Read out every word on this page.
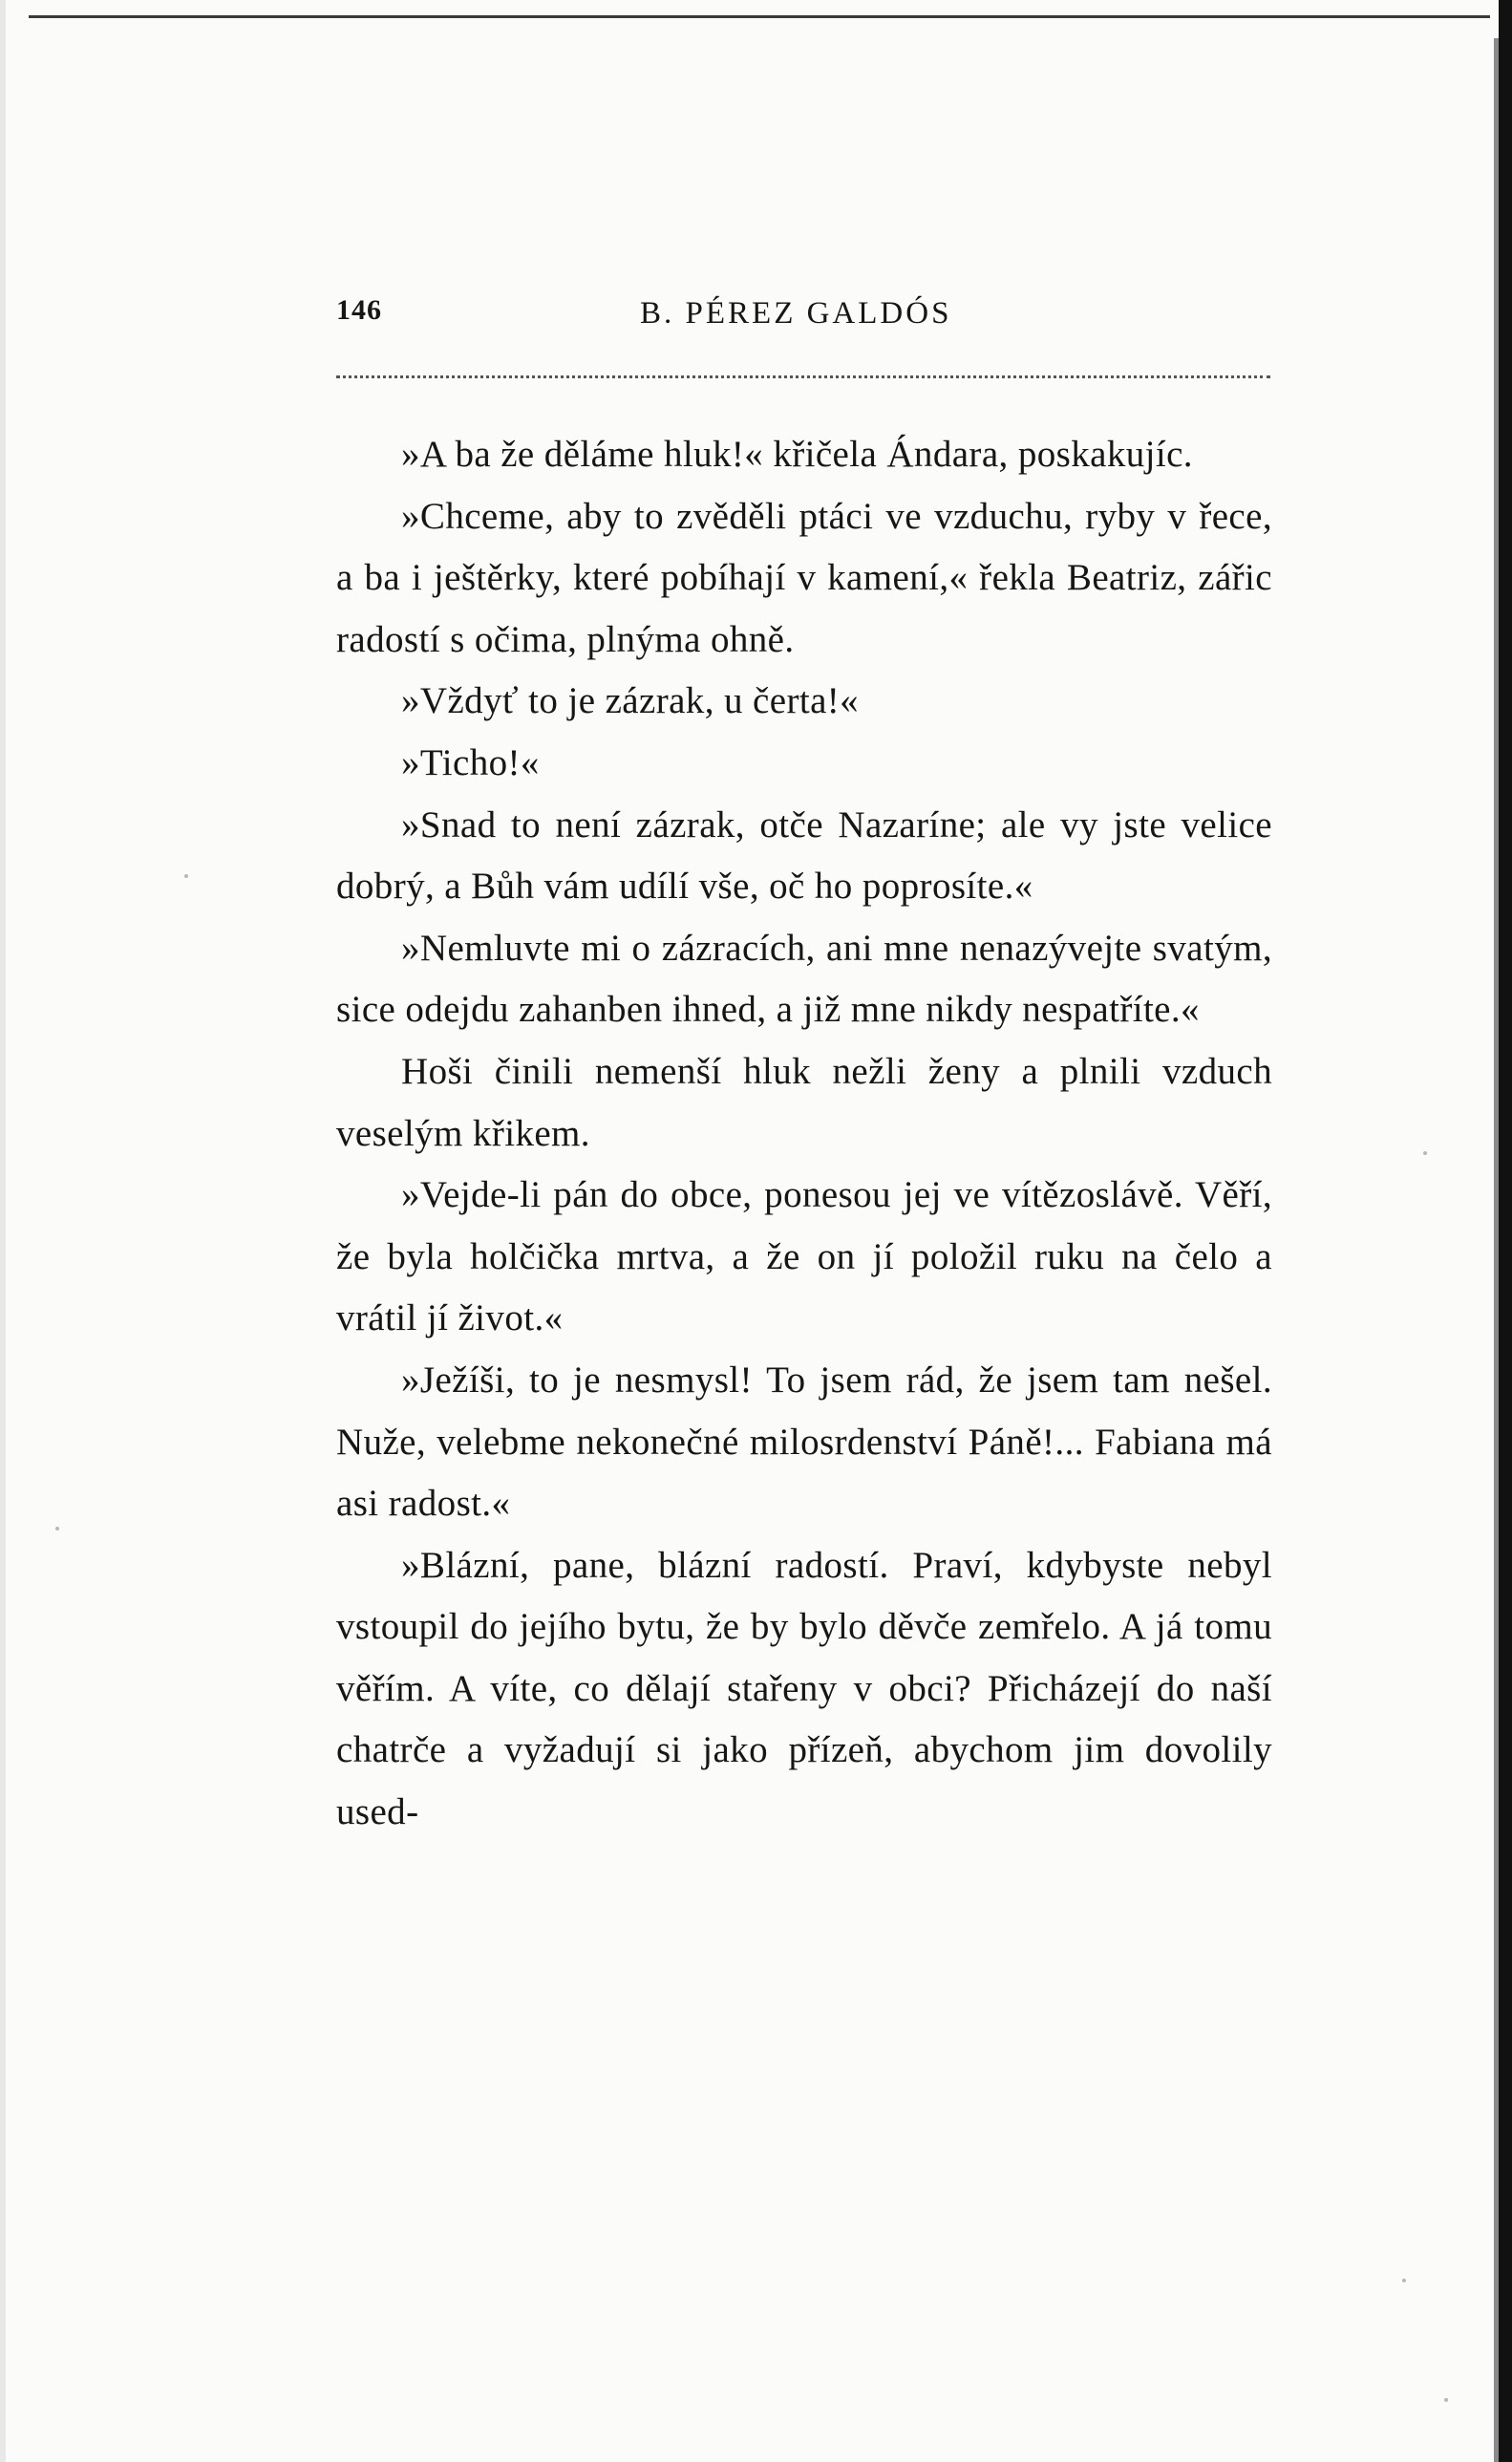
146	B. PÉREZ GALDÓS

»A ba že děláme hluk!« křičela Ándara, poskakujíc.

»Chceme, aby to zvěděli ptáci ve vzduchu, ryby v řece, a ba i ještěrky, které pobíhají v kamení,« řekla Beatriz, zářic radostí s očima, plnýma ohně.

»Vždyť to je zázrak, u čerta!«

»Ticho!«

»Snad to není zázrak, otče Nazaríne; ale vy jste velice dobrý, a Bůh vám udílí vše, oč ho poprosíte.«

»Nemluvte mi o zázracích, ani mne nenazývejte svatým, sice odejdu zahanben ihned, a již mne nikdy nespatříte.«

Hoši činili nemenší hluk nežli ženy a plnili vzduch veselým křikem.

»Vejde-li pán do obce, ponesou jej ve vítězoslávě. Věří, že byla holčička mrtva, a že on jí položil ruku na čelo a vrátil jí život.«

»Ježíši, to je nesmysl! To jsem rád, že jsem tam nešel. Nuže, velebme nekonečné milosrdenství Páně!... Fabiana má asi radost.«

»Blázní, pane, blázní radostí. Praví, kdybyste nebyl vstoupil do jejího bytu, že by bylo děvče zemřelo. A já tomu věřím. A víte, co dělají stařeny v obci? Přicházejí do naší chatrče a vyžadují si jako přízeň, abychom jim dovolily used-
